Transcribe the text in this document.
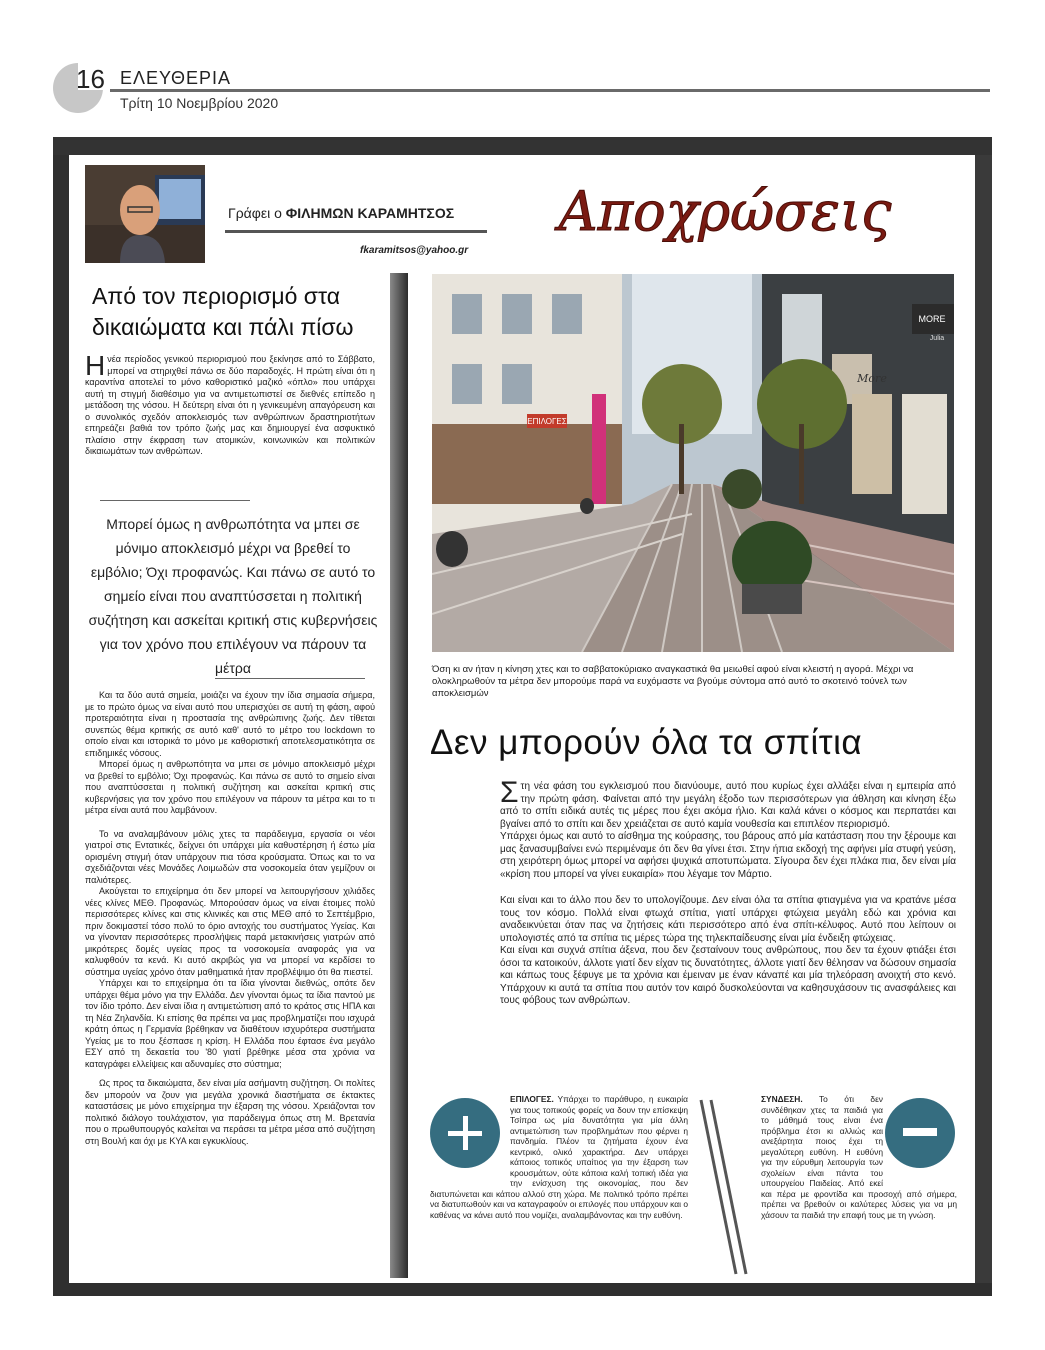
16 ΕΛΕΥΘΕΡΙΑ
Τρίτη 10 Νοεμβρίου 2020
Γράφει ο ΦΙΛΗΜΩΝ ΚΑΡΑΜΗΤΣΟΣ
fkaramitsos@yahoo.gr
Αποχρώσεις
Από τον περιορισμό στα
δικαιώματα και πάλι πίσω
Ηνέα περίοδος γενικού περιορισμού που ξεκίνησε από το Σάββατο, μπορεί να στηριχθεί πάνω σε δύο παραδοχές. Η πρώτη είναι ότι η καραντίνα αποτελεί το μόνο καθοριστικό μαζικό «όπλο» που υπάρχει αυτή τη στιγμή διαθέσιμο για να αντιμετωπιστεί σε διεθνές επίπεδο η μετάδοση της νόσου. Η δεύτερη είναι ότι η γενικευμένη απαγόρευση και ο συνολικός σχεδόν αποκλεισμός των ανθρώπινων δραστηριοτήτων επηρεάζει βαθιά τον τρόπο ζωής μας και δημιουργεί ένα ασφυκτικό πλαίσιο στην έκφραση των ατομικών, κοινωνικών και πολιτικών δικαιωμάτων των ανθρώπων.
Μπορεί όμως η ανθρωπότητα να μπει σε μόνιμο αποκλεισμό μέχρι να βρεθεί το εμβόλιο; Όχι προφανώς. Και πάνω σε αυτό το σημείο είναι που αναπτύσσεται η πολιτική συζήτηση και ασκείται κριτική στις κυβερνήσεις για τον χρόνο που επιλέγουν να πάρουν τα μέτρα

Και τα δύο αυτά σημεία, μοιάζει να έχουν την ίδια σημασία σήμερα, με το πρώτο όμως να είναι αυτό που υπερισχύει σε αυτή τη φάση, αφού προτεραιότητα είναι η προστασία της ανθρώπινης ζωής. Δεν τίθεται συνεπώς θέμα κριτικής σε αυτό καθ' αυτό το μέτρο του lockdown το οποίο είναι και ιστορικά το μόνο με καθοριστική αποτελεσματικότητα σε επιδημικές νόσους.

Μπορεί όμως η ανθρωπότητα να μπει σε μόνιμο αποκλεισμό μέχρι να βρεθεί το εμβόλιο; Όχι προφανώς. Και πάνω σε αυτό το σημείο είναι που αναπτύσσεται η πολιτική συζήτηση και ασκείται κριτική στις κυβερνήσεις για τον χρόνο που επιλέγουν να πάρουν τα μέτρα και το τι μέτρα είναι αυτά που λαμβάνουν.

Το να αναλαμβάνουν μόλις χτες τα παράδειγμα, εργασία οι νέοι γιατροί στις Εντατικές, δείχνει ότι υπάρχει μία καθυστέρηση ή έστω μία ορισμένη στιγμή όταν υπάρχουν πια τόσα κρούσματα. Όπως και το να σχεδιάζονται νέες Μονάδες Λοιμωδών στα νοσοκομεία όταν γεμίζουν οι παλιότερες.

Ακούγεται το επιχείρημα ότι δεν μπορεί να λειτουργήσουν χιλιάδες νέες κλίνες ΜΕΘ. Προφανώς. Μπορούσαν όμως να είναι έτοιμες πολύ περισσότερες κλίνες και στις κλινικές και στις ΜΕΘ από το Σεπτέμβριο, πριν δοκιμαστεί τόσο πολύ το όριο αντοχής του συστήματος Υγείας. Και να γίνονταν περισσότερες προσλήψεις παρά μετακινήσεις γιατρών από μικρότερες δομές υγείας προς τα νοσοκομεία αναφοράς για να καλυφθούν τα κενά. Κι αυτό ακριβώς για να μπορεί να κερδίσει το σύστημα υγείας χρόνο όταν μαθηματικά ήταν προβλέψιμο ότι θα πιεστεί.

Υπάρχει και το επιχείρημα ότι τα ίδια γίνονται διεθνώς, οπότε δεν υπάρχει θέμα μόνο για την Ελλάδα. Δεν γίνονται όμως τα ίδια παντού με τον ίδιο τρόπο. Δεν είναι ίδια η αντιμετώπιση από το κράτος στις ΗΠΑ και τη Νέα Ζηλανδία. Κι επίσης θα πρέπει να μας προβληματίζει που ισχυρά κράτη όπως η Γερμανία βρέθηκαν να διαθέτουν ισχυρότερα συστήματα Υγείας με το που ξέσπασε η κρίση. Η Ελλάδα που έφτασε ένα μεγάλο ΕΣΥ από τη δεκαετία του '80 γιατί βρέθηκε μέσα στα χρόνια να καταγράφει ελλείψεις και αδυναμίες στο σύστημα;

Ως προς τα δικαιώματα, δεν είναι μία ασήμαντη συζήτηση. Οι πολίτες δεν μπορούν να ζουν για μεγάλα χρονικά διαστήματα σε έκτακτες καταστάσεις με μόνο επιχείρημα την έξαρση της νόσου. Χρειάζονται τον πολιτικό διάλογο τουλάχιστον, για παράδειγμα όπως στη Μ. Βρετανία που ο πρωθυπουργός καλείται να περάσει τα μέτρα μέσα από συζήτηση στη Βουλή και όχι με ΚΥΑ και εγκυκλίους.

ΕΠΙΛΟΓΕΣ
MORE
Julia
More
Όση κι αν ήταν η κίνηση χτες και το σαββατοκύριακο αναγκαστικά θα μειωθεί αφού είναι κλειστή η αγορά. Μέχρι να ολοκληρωθούν τα μέτρα δεν μπορούμε παρά να ευχόμαστε να βγούμε σύντομα από αυτό το σκοτεινό τούνελ των αποκλεισμών
Δεν μπορούν όλα τα σπίτια
Στη νέα φάση του εγκλεισμού που διανύουμε, αυτό που κυρίως έχει αλλάξει είναι η εμπειρία από την πρώτη φάση. Φαίνεται από την μεγάλη έξοδο των περισσότερων για άθληση και κίνηση έξω από το σπίτι ειδικά αυτές τις μέρες που έχει ακόμα ήλιο. Και καλά κάνει ο κόσμος και περπατάει και βγαίνει από το σπίτι και δεν χρειάζεται σε αυτό καμία νουθεσία και επιπλέον περιορισμό.
Υπάρχει όμως και αυτό το αίσθημα της κούρασης, του βάρους από μία κατάσταση που την ξέρουμε και μας ξανασυμβαίνει ενώ περιμέναμε ότι δεν θα γίνει έτσι. Στην ήπια εκδοχή της αφήνει μία στυφή γεύση, στη χειρότερη όμως μπορεί να αφήσει ψυχικά αποτυπώματα. Σίγουρα δεν έχει πλάκα πια, δεν είναι μία «κρίση που μπορεί να γίνει ευκαιρία» που λέγαμε τον Μάρτιο.
Και είναι και το άλλο που δεν το υπολογίζουμε. Δεν είναι όλα τα σπίτια φτιαγμένα για να κρατάνε μέσα τους τον κόσμο. Πολλά είναι φτωχά σπίτια, γιατί υπάρχει φτώχεια μεγάλη εδώ και χρόνια και αναδεικνύεται όταν πας να ζητήσεις κάτι περισσότερο από ένα σπίτι-κέλυφος. Αυτό που λείπουν οι υπολογιστές από τα σπίτια τις μέρες τώρα της τηλεκπαίδευσης είναι μία ένδειξη φτώχειας.
Και είναι και συχνά σπίτια άξενα, που δεν ζεσταίνουν τους ανθρώπους, που δεν τα έχουν φτιάξει έτσι όσοι τα κατοικούν, άλλοτε γιατί δεν είχαν τις δυνατότητες, άλλοτε γιατί δεν θέλησαν να δώσουν σημασία και κάπως τους ξέφυγε με τα χρόνια και έμειναν με έναν κάναπέ και μία τηλεόραση ανοιχτή στο κενό. Υπάρχουν κι αυτά τα σπίτια που αυτόν τον καιρό δυσκολεύονται να καθησυχάσουν τις ανασφάλειες και τους φόβους των ανθρώπων.
ΕΠΙΛΟΓΕΣ. Υπάρχει το παράθυρο, η ευκαιρία για τους τοπικούς φορείς να δουν την επίσκεψη Τσίπρα ως μία δυνατότητα για μία άλλη αντιμετώπιση των προβλημάτων που φέρνει η πανδημία. Πλέον τα ζητήματα έχουν ένα κεντρικό, ολικό χαρακτήρα. Δεν υπάρχει κάποιος τοπικός υπαίτιος για την έξαρση των κρουσμάτων, ούτε κάποια καλή τοπική ιδέα για την ενίσχυση της οικονομίας, που δεν διατυπώνεται και κάπου αλλού στη χώρα. Με πολιτικό τρόπο πρέπει να διατυπωθούν και να καταγραφούν οι επιλογές που υπάρχουν και ο καθένας να κάνει αυτό που νομίζει, αναλαμβάνοντας και την ευθύνη.
ΣΥΝΔΕΣΗ. Το ότι δεν συνδέθηκαν χτες τα παιδιά για το μάθημά τους είναι ένα πρόβλημα έτσι κι αλλιώς και ανεξάρτητα ποιος έχει τη μεγαλύτερη ευθύνη. Η ευθύνη για την εύρυθμη λειτουργία των σχολείων είναι πάντα του υπουργείου Παιδείας. Από εκεί και πέρα με φροντίδα και προσοχή από σήμερα, πρέπει να βρεθούν οι καλύτερες λύσεις για να μη χάσουν τα παιδιά την επαφή τους με τη γνώση.
